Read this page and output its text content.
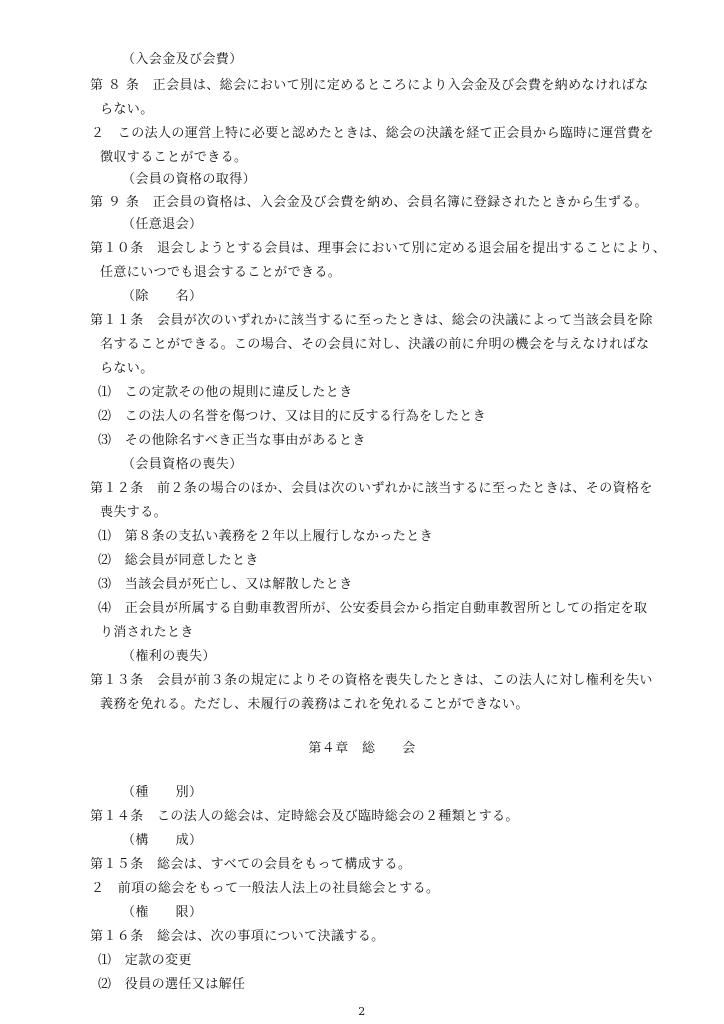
（入会金及び会費）
第 ８ 条　正会員は、総会において別に定めるところにより入会金及び会費を納めなければな
らない。
２　この法人の運営上特に必要と認めたときは、総会の決議を経て正会員から臨時に運営費を
徴収することができる。
（会員の資格の取得）
第 ９ 条　正会員の資格は、入会金及び会費を納め、会員名簿に登録されたときから生ずる。
（任意退会）
第１０条　退会しようとする会員は、理事会において別に定める退会届を提出することにより、
任意にいつでも退会することができる。
（除　　名）
第１１条　会員が次のいずれかに該当するに至ったときは、総会の決議によって当該会員を除
名することができる。この場合、その会員に対し、決議の前に弁明の機会を与えなければな
らない。
⑴　この定款その他の規則に違反したとき
⑵　この法人の名誉を傷つけ、又は目的に反する行為をしたとき
⑶　その他除名すべき正当な事由があるとき
（会員資格の喪失）
第１２条　前２条の場合のほか、会員は次のいずれかに該当するに至ったときは、その資格を
喪失する。
⑴　第８条の支払い義務を２年以上履行しなかったとき
⑵　総会員が同意したとき
⑶　当該会員が死亡し、又は解散したとき
⑷　正会員が所属する自動車教習所が、公安委員会から指定自動車教習所としての指定を取
り消されたとき
（権利の喪失）
第１３条　会員が前３条の規定によりその資格を喪失したときは、この法人に対し権利を失い
義務を免れる。ただし、未履行の義務はこれを免れることができない。
第４章　総　　会
（種　　別）
第１４条　この法人の総会は、定時総会及び臨時総会の２種類とする。
（構　　成）
第１５条　総会は、すべての会員をもって構成する。
２　前項の総会をもって一般法人法上の社員総会とする。
（権　　限）
第１６条　総会は、次の事項について決議する。
⑴　定款の変更
⑵　役員の選任又は解任
2
